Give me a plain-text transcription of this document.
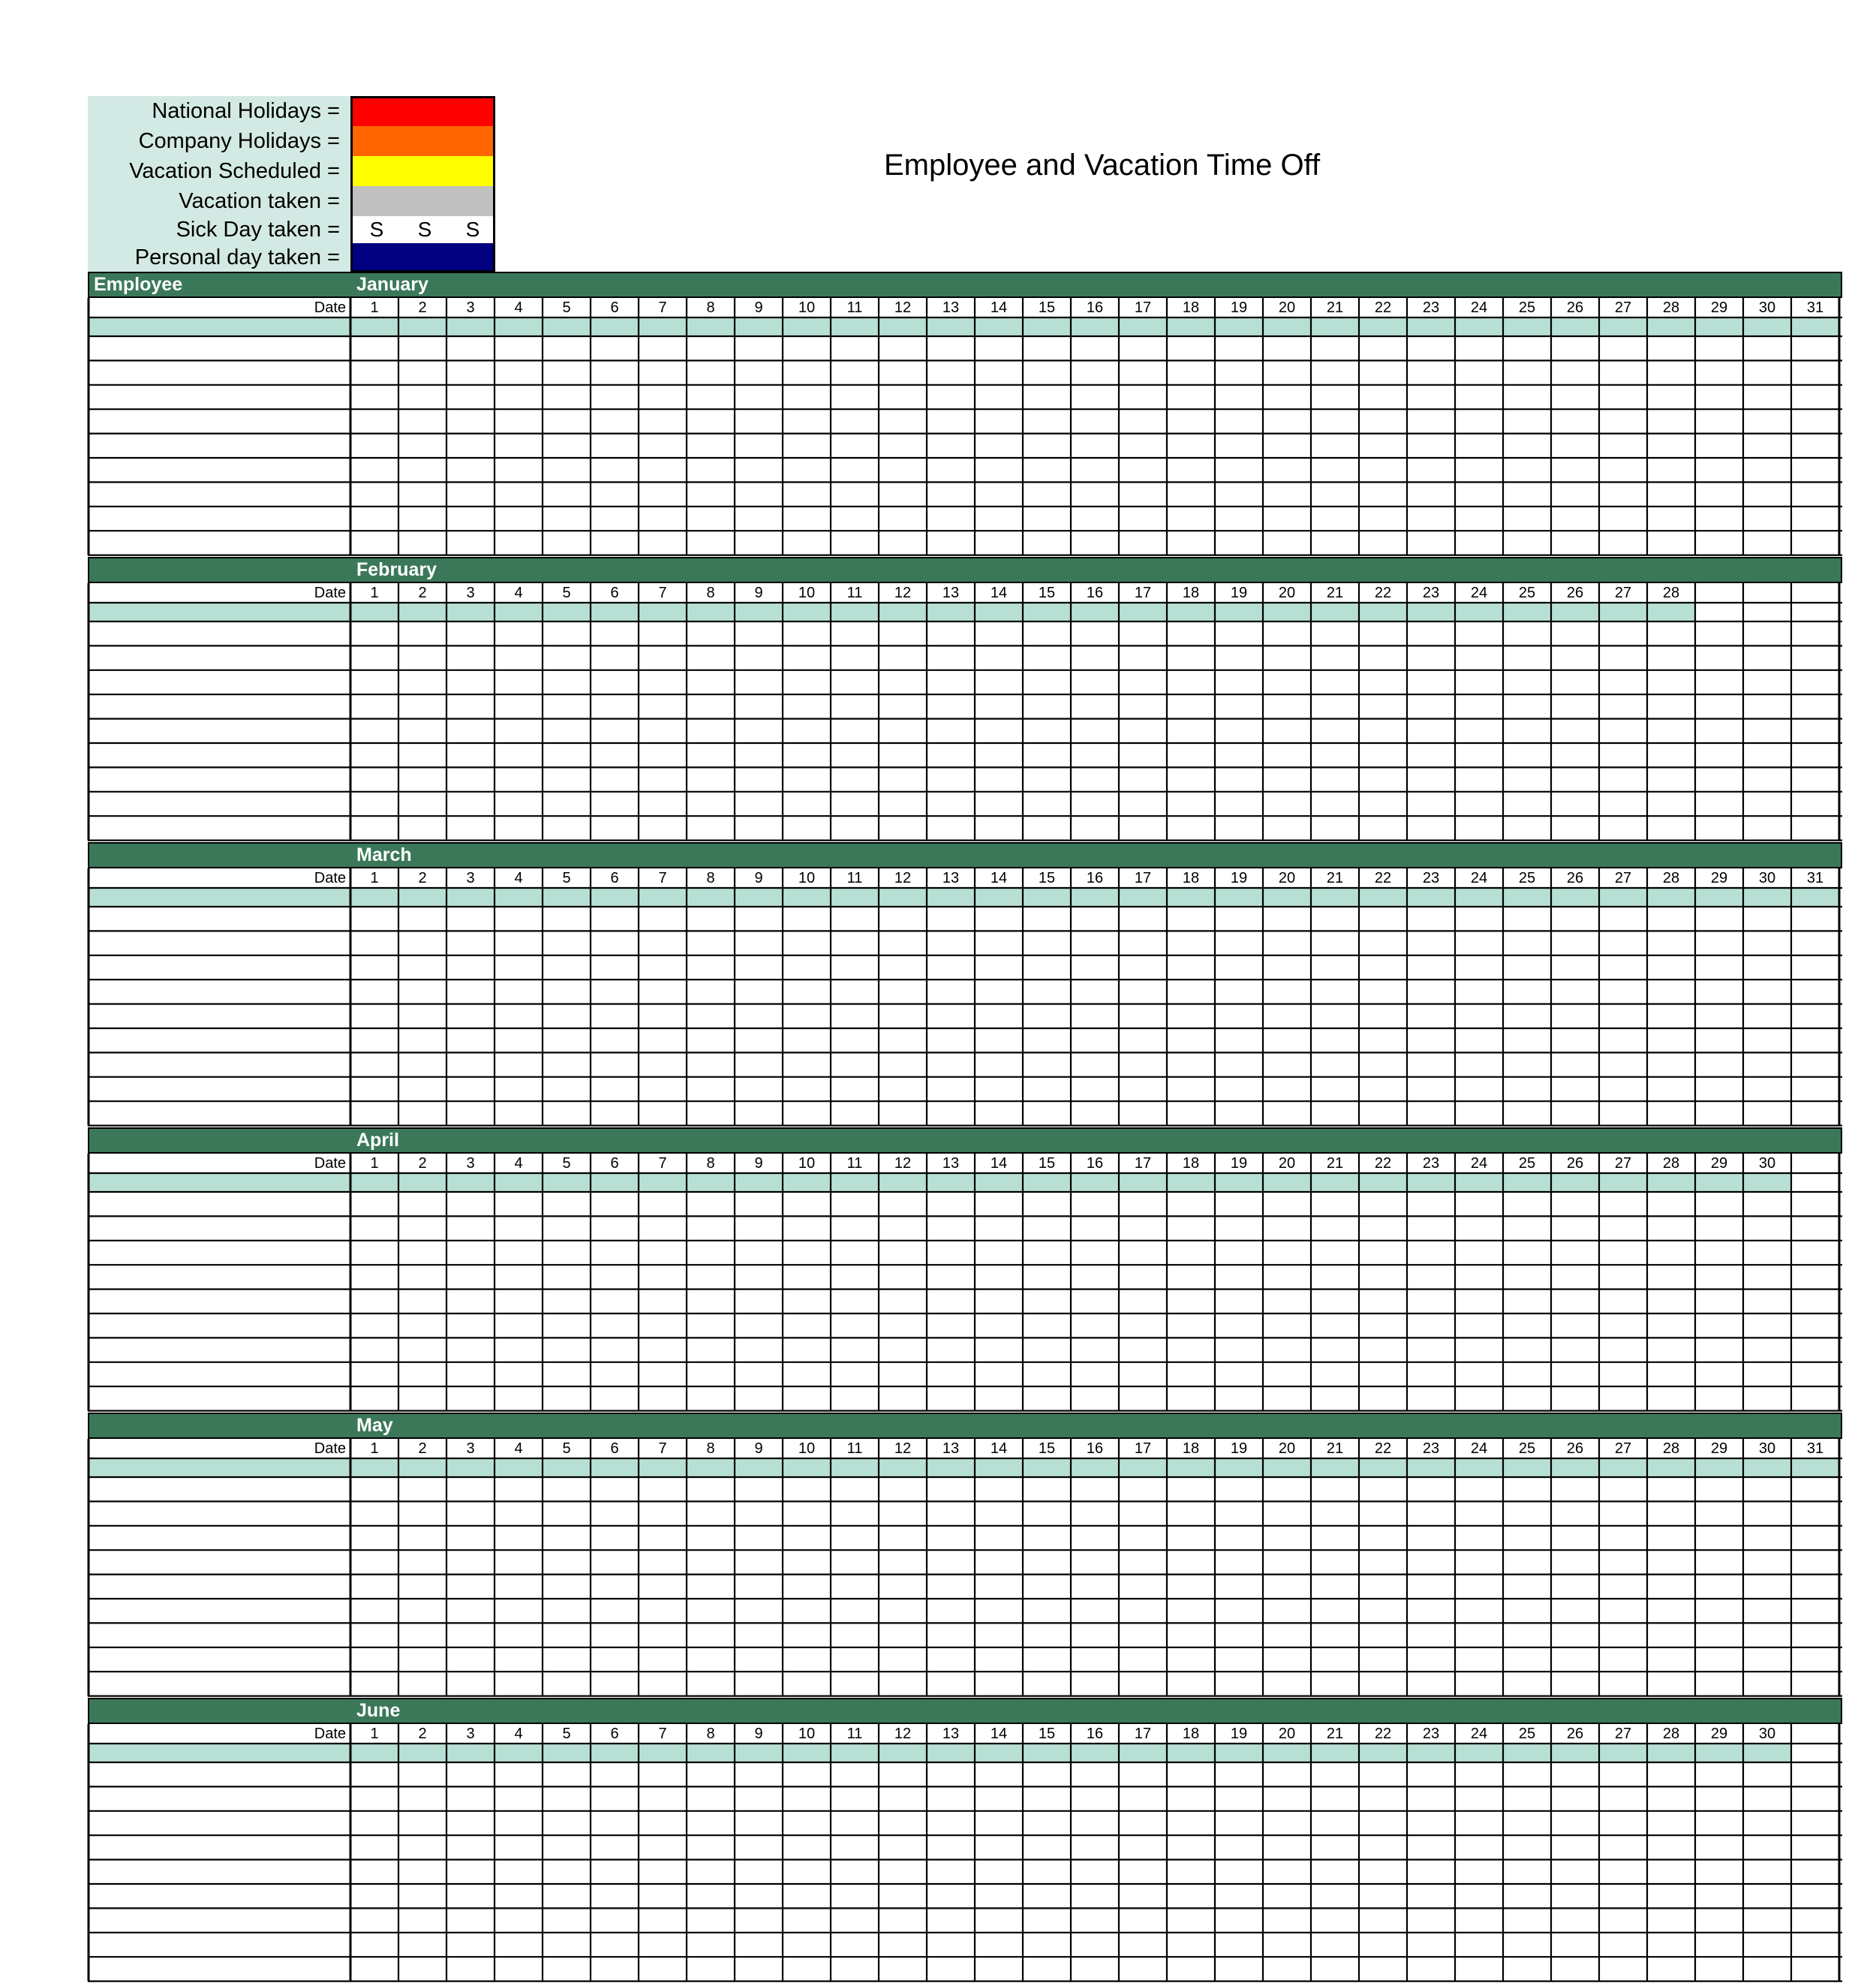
National Holidays =
Company Holidays =
Vacation Scheduled =
Vacation taken =
Sick Day taken =	S	S	S
Personal day taken =
Employee and Vacation Time Off
Employee	January
Date	1	2	3	4	5	6	7	8	9	10	11	12	13	14	15	16	17	18	19	20	21	22	23	24	25	26	27	28	29	30	31
February
Date	1	2	3	4	5	6	7	8	9	10	11	12	13	14	15	16	17	18	19	20	21	22	23	24	25	26	27	28
March
Date	1	2	3	4	5	6	7	8	9	10	11	12	13	14	15	16	17	18	19	20	21	22	23	24	25	26	27	28	29	30	31
April
Date	1	2	3	4	5	6	7	8	9	10	11	12	13	14	15	16	17	18	19	20	21	22	23	24	25	26	27	28	29	30
May
Date	1	2	3	4	5	6	7	8	9	10	11	12	13	14	15	16	17	18	19	20	21	22	23	24	25	26	27	28	29	30	31
June
Date	1	2	3	4	5	6	7	8	9	10	11	12	13	14	15	16	17	18	19	20	21	22	23	24	25	26	27	28	29	30
